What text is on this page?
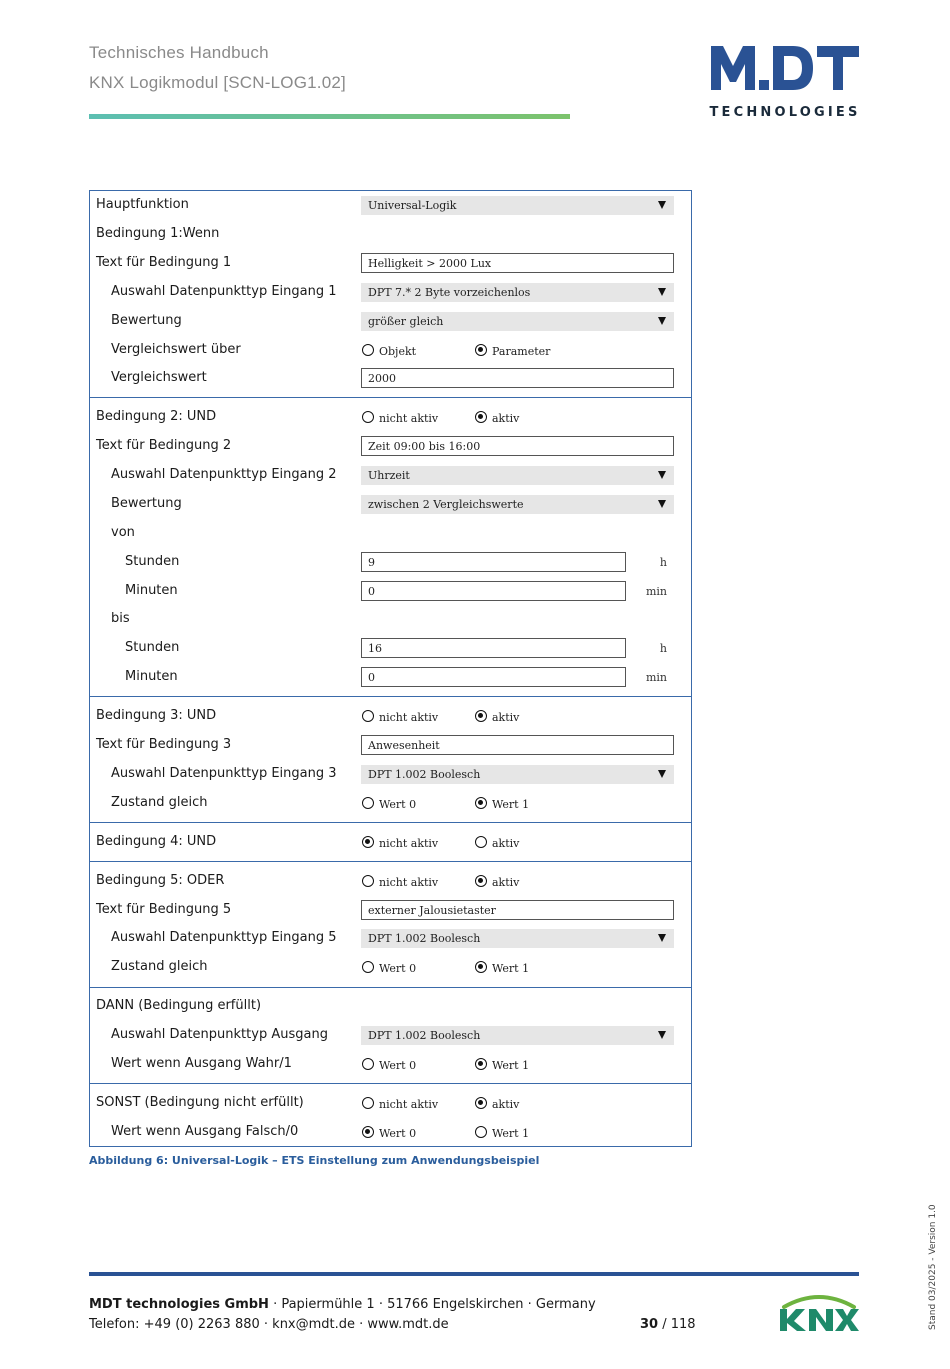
Technisches Handbuch
KNX Logikmodul [SCN-LOG1.02]
TECHNOLOGIES
Hauptfunktion	Universal-Logik
Bedingung 1:Wenn
Text für Bedingung 1	Helligkeit > 2000 Lux
Auswahl Datenpunkttyp Eingang 1	DPT 7.* 2 Byte vorzeichenlos
Bewertung	größer gleich
Vergleichswert über	Objekt	Parameter
Vergleichswert	2000
Bedingung 2: UND	nicht aktiv	aktiv
Text für Bedingung 2	Zeit 09:00 bis 16:00
Auswahl Datenpunkttyp Eingang 2	Uhrzeit
Bewertung	zwischen 2 Vergleichswerte
von
Stunden	9	h
Minuten	0	min
bis
Stunden	16	h
Minuten	0	min
Bedingung 3: UND	nicht aktiv	aktiv
Text für Bedingung 3	Anwesenheit
Auswahl Datenpunkttyp Eingang 3	DPT 1.002 Boolesch
Zustand gleich	Wert 0	Wert 1
Bedingung 4: UND	nicht aktiv	aktiv
Bedingung 5: ODER	nicht aktiv	aktiv
Text für Bedingung 5	externer Jalousietaster
Auswahl Datenpunkttyp Eingang 5	DPT 1.002 Boolesch
Zustand gleich	Wert 0	Wert 1
DANN (Bedingung erfüllt)
Auswahl Datenpunkttyp Ausgang	DPT 1.002 Boolesch
Wert wenn Ausgang Wahr/1	Wert 0	Wert 1
SONST (Bedingung nicht erfüllt)	nicht aktiv	aktiv
Wert wenn Ausgang Falsch/0	Wert 0	Wert 1
Abbildung 6: Universal-Logik – ETS Einstellung zum Anwendungsbeispiel
MDT technologies GmbH · Papiermühle 1 · 51766 Engelskirchen · Germany
Telefon: +49 (0) 2263 880 · knx@mdt.de · www.mdt.de	30 / 118	Stand 03/2025 - Version 1.0
